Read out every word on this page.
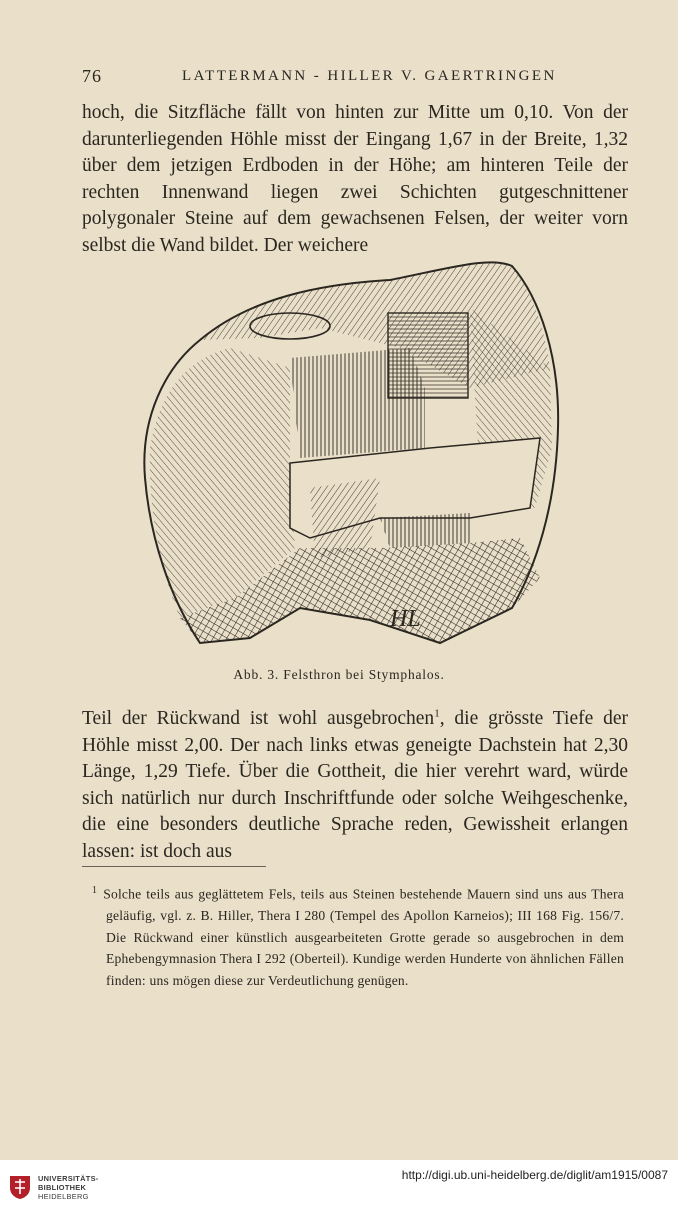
76	LATTERMANN - HILLER V. GAERTRINGEN

hoch, die Sitzfläche fällt von hinten zur Mitte um 0,10. Von der darunterliegenden Höhle misst der Eingang 1,67 in der Breite, 1,32 über dem jetzigen Erdboden in der Höhe; am hinteren Teile der rechten Innenwand liegen zwei Schichten gutgeschnittener polygonaler Steine auf dem gewachsenen Felsen, der weiter vorn selbst die Wand bildet. Der weichere

HL
Abb. 3. Felsthron bei Stymphalos.

Teil der Rückwand ist wohl ausgebrochen$^1$, die grösste Tiefe der Höhle misst 2,00. Der nach links etwas geneigte Dachstein hat 2,30 Länge, 1,29 Tiefe. Über die Gottheit, die hier verehrt ward, würde sich natürlich nur durch Inschriftfunde oder solche Weihgeschenke, die eine besonders deutliche Sprache reden, Gewissheit erlangen lassen: ist doch aus

$^1$ Solche teils aus geglättetem Fels, teils aus Steinen bestehende Mauern sind uns aus Thera geläufig, vgl. z. B. Hiller, Thera I 280 (Tempel des Apollon Karneios); III 168 Fig. 156/7. Die Rückwand einer künstlich ausgearbeiteten Grotte gerade so ausgebrochen in dem Ephebengymnasion Thera I 292 (Oberteil). Kundige werden Hunderte von ähnlichen Fällen finden: uns mögen diese zur Verdeutlichung genügen.

UNIVERSITÄTS-
BIBLIOTHEK
HEIDELBERG
http://digi.ub.uni-heidelberg.de/diglit/am1915/0087
